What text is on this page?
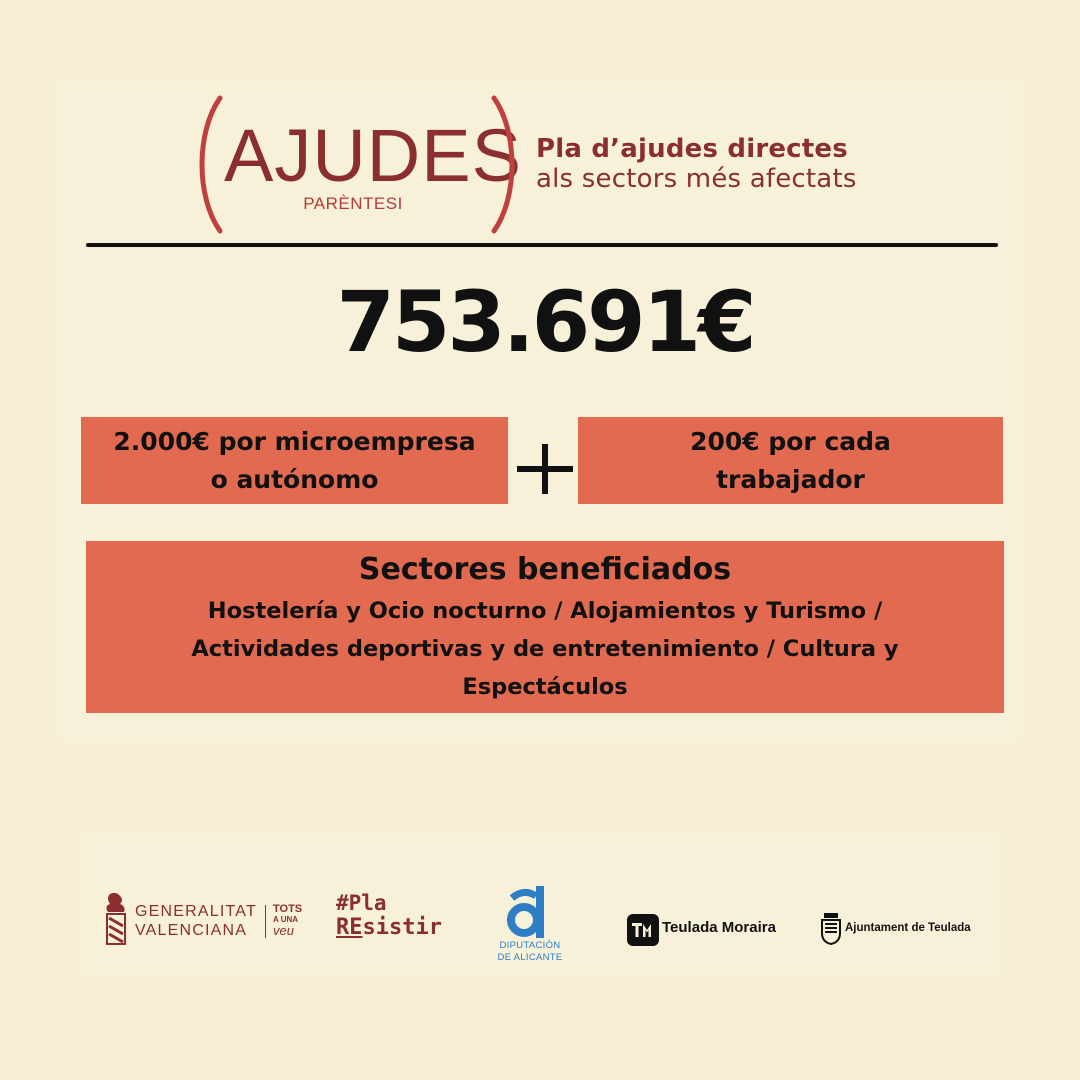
AJUDES
PARÈNTESI
Pla d’ajudes directes
als sectors més afectats
753.691€
2.000€ por microempresa
o autónomo
200€ por cada
trabajador
Sectores beneficiados
Hostelería y Ocio nocturno / Alojamientos y Turismo /
Actividades deportivas y de entretenimiento / Cultura y
Espectáculos
GENERALITAT
VALENCIANA
TOTS
A UNA
veu
#Pla
REsistir
DIPUTACIÓN
DE ALICANTE
Teulada Moraira	Ajuntament de Teulada
